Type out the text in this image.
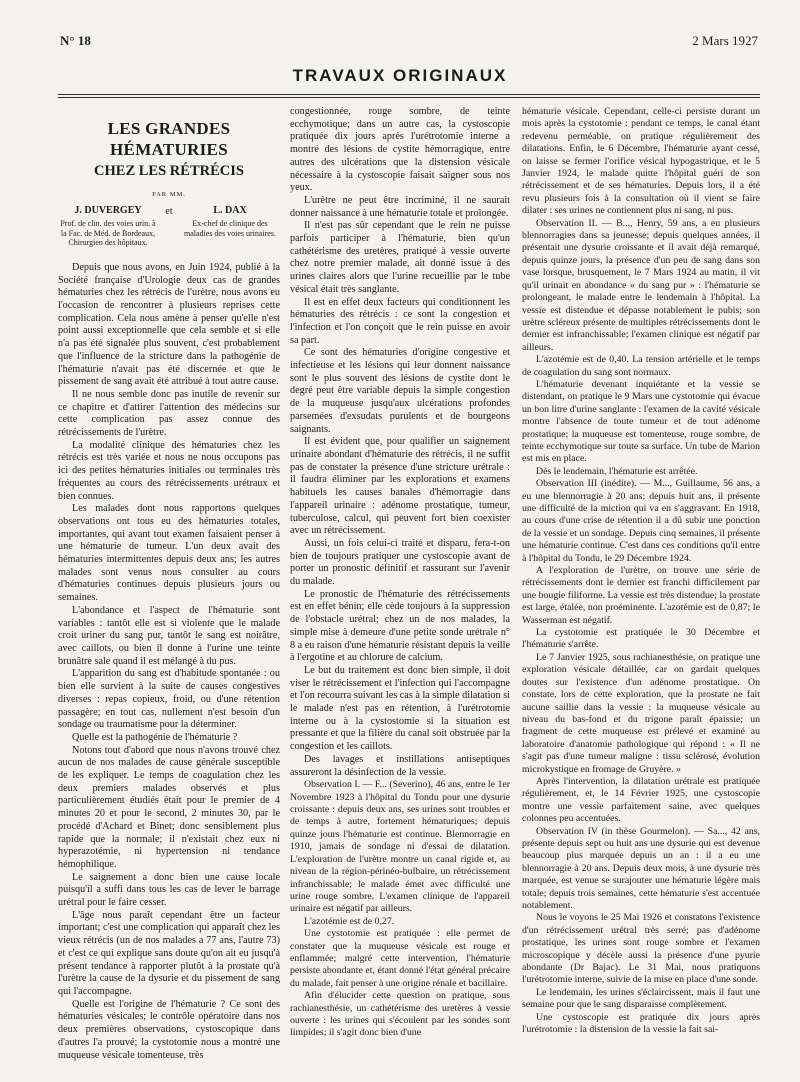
N° 18	2 Mars 1927
TRAVAUX ORIGINAUX
LES GRANDES HÉMATURIES
CHEZ LES RÉTRÉCIS
PAR MM.
J. DUVERGEY
Prof. de clin. des voies urin. à la Fac. de Méd. de Bordeaux, Chirurgien des hôpitaux.
et	L. DAX
Ex-chef de clinique des maladies des voies urinaires.

Depuis que nous avons, en Juin 1924, publié à la Société française d'Urologie deux cas de grandes hématuries chez les rétrécis de l'urètre, nous avons eu l'occasion de rencontrer à plusieurs reprises cette complication. Cela nous amène à penser qu'elle n'est point aussi exceptionnelle que cela semble et si elle n'a pas été signalée plus souvent, c'est probablement que l'influence de la stricture dans la pathogénie de l'hématurie n'avait pas été discernée et que le pissement de sang avait été attribué à tout autre cause.

Il ne nous semble donc pas inutile de revenir sur ce chapitre et d'attirer l'attention des médecins sur cette complication pas assez connue des rétrécissements de l'urètre.

La modalité clinique des hématuries chez les rétrécis est très variée et nous ne nous occupons pas ici des petites hématuries initiales ou terminales très fréquentes au cours des rétrécissements urétraux et bien connues.

Les malades dont nous rapportons quelques observations ont tous eu des hématuries totales, importantes, qui avant tout examen faisaient penser à une hématurie de tumeur. L'un deux avait des hématuries intermittentes depuis deux ans; les autres malades sont venus nous consulter au cours d'hématuries continues depuis plusieurs jours ou semaines.

L'abondance et l'aspect de l'hématurie sont variables : tantôt elle est si violente que le malade croit uriner du sang pur, tantôt le sang est noirâtre, avec caillots, ou bien il donne à l'urine une teinte brunâtre sale quand il est mélangé à du pus.

L'apparition du sang est d'habitude spontanée : ou bien elle survient à la suite de causes congestives diverses : repas copieux, froid, ou d'une rétention passagère; en tout cas, nullement n'est besoin d'un sondage ou traumatisme pour la déterminer.

Quelle est la pathogénie de l'hématurie ?

Notons tout d'abord que nous n'avons trouvé chez aucun de nos malades de cause générale susceptible de les expliquer. Le temps de coagulation chez les deux premiers malades observés et plus particulièrement étudiés était pour le premier de 4 minutes 20 et pour le second, 2 minutes 30, par le procédé d'Achard et Binet; donc sensiblement plus rapide que la normale; il n'existait chez eux ni hyperazotémie, ni hypertension ni tendance hémophilique.

Le saignement a donc bien une cause locale puisqu'il a suffi dans tous les cas de lever le barrage urétral pour le faire cesser.

L'âge nous paraît cependant être un facteur important; c'est une complication qui apparaît chez les vieux rétrécis (un de nos malades a 77 ans, l'autre 73) et c'est ce qui explique sans doute qu'on ait eu jusqu'à présent tendance à rapporter plutôt à la prostate qu'à l'urètre la cause de la dysurie et du pissement de sang qui l'accompagne.

Quelle est l'origine de l'hématurie ? Ce sont des hématuries vésicales; le contrôle opératoire dans nos deux premières observations, cystoscopique dans d'autres l'a prouvé; la cystotomie nous a montré une muqueuse vésicale tomenteuse, très

congestionnée, rouge sombre, de teinte ecchymotique; dans un autre cas, la cystoscopie pratiquée dix jours après l'urétrotomie interne a montré des lésions de cystite hémorragique, entre autres des ulcérations que la distension vésicale nécessaire à la cystoscopie faisait saigner sous nos yeux.

L'urètre ne peut être incriminé, il ne saurait donner naissance à une hématurie totale et prolongée.

Il n'est pas sûr cependant que le rein ne puisse parfois participer à l'hématurie, bien qu'un cathétérisme des uretères, pratiqué à vessie ouverte chez notre premier malade, ait donné issue à des urines claires alors que l'urine recueillie par le tube vésical était très sanglante.

Il est en effet deux facteurs qui conditionnent les hématuries des rétrécis : ce sont la congestion et l'infection et l'on conçoit que le rein puisse en avoir sa part.

Ce sont des hématuries d'origine congestive et infectieuse et les lésions qui leur donnent naissance sont le plus souvent des lésions de cystite dont le degré peut être variable depuis la simple congestion de la muqueuse jusqu'aux ulcérations profondes parsemées d'exsudats purulents et de bourgeons saignants.

Il est évident que, pour qualifier un saignement urinaire abondant d'hématurie des rétrécis, il ne suffit pas de constater la présence d'une stricture urétrale : il faudra éliminer par les explorations et examens habituels les causes banales d'hémorragie dans l'appareil urinaire : adénome prostatique, tumeur, tuberculose, calcul, qui peuvent fort bien coexister avec un rétrécissement.

Aussi, un fois celui-ci traité et disparu, fera-t-on bien de toujours pratiquer une cystoscopie avant de porter un pronostic définitif et rassurant sur l'avenir du malade.

Le pronostic de l'hématurie des rétrécissements est en effet bénin; elle cède toujours à la suppression de l'obstacle urétral; chez un de nos malades, la simple mise à demeure d'une petite sonde urétrale n° 8 a eu raison d'une hématurie résistant depuis la veille à l'ergotine et au chlorure de calcium.

Le but du traitement est donc bien simple, il doit viser le rétrécissement et l'infection qui l'accompagne et l'on recourra suivant les cas à la simple dilatation si le malade n'est pas en rétention, à l'urétrotomie interne ou à la cystostomie si la situation est pressante et que la filière du canal soit obstruée par la congestion et les caillots.

Des lavages et instillations antiseptiques assureront la désinfection de la vessie.

Observation I. — F... (Severino), 46 ans, entre le 1er Novembre 1923 à l'hôpital du Tondu pour une dysurie croissante : depuis deux ans, ses urines sont troubles et de temps à autre, fortement hématuriques; depuis quinze jours l'hématurie est continue. Blennorragie en 1910, jamais de sondage ni d'essai de dilatation. L'exploration de l'urètre montre un canal rigide et, au niveau de la région-périnéo-bulbaire, un rétrécissement infranchissable; le malade émet avec difficulté une urine rouge sombre. L'examen clinique de l'appareil urinaire est négatif par ailleurs.

L'azotémie est de 0,27.

Une cystotomie est pratiquée : elle permet de constater que la muqueuse vésicale est rouge et enflammée; malgré cette intervention, l'hématurie persiste abondante et, étant donné l'état général précaire du malade, fait penser à une origine rénale et bacillaire.

Afin d'élucider cette question on pratique, sous rachianesthésie, un cathétérisme des uretères à vessie ouverte : les urines qui s'écoulent par les sondes sont limpides; il s'agit donc bien d'une

hématurie vésicale. Cependant, celle-ci persiste durant un mois après la cystotomie : pendant ce temps, le canal étant redevenu perméable, on pratique régulièrement des dilatations. Enfin, le 6 Décembre, l'hématurie ayant cessé, on laisse se fermer l'orifice vésical hypogastrique, et le 5 Janvier 1924, le malade quitte l'hôpital guéri de son rétrécissement et de ses hématuries. Depuis lors, il a été revu plusieurs fois à la consultation où il vient se faire dilater : ses urines ne contiennent plus ni sang, ni pus.

Observation II. — B..., Henry, 59 ans, a eu plusieurs blennorragies dans sa jeunesse; depuis quelques années, il présentait une dysurie croissante et il avait déjà remarqué, depuis quinze jours, la présence d'un peu de sang dans son vase lorsque, brusquement, le 7 Mars 1924 au matin, il vit qu'il urinait en abondance « du sang pur » : l'hématurie se prolongeant, le malade entre le lendemain à l'hôpital. La vessie est distendue et dépasse notablement le pubis; son urètre scléreux présente de multiples rétrécissements dont le dernier est infranchissable; l'examen clinique est négatif par ailleurs.

L'azotémie est de 0,40. La tension artérielle et le temps de coagulation du sang sont normaux.

L'hématurie devenant inquiétante et la vessie se distendant, on pratique le 9 Mars une cystotomie qui évacue un bon litre d'urine sanglante : l'examen de la cavité vésicale montre l'absence de toute tumeur et de tout adénome prostatique; la muqueuse est tomenteuse, rouge sombre, de teinte ecchymotique sur toute sa surface. Un tube de Marion est mis en place.

Dès le lendemain, l'hématurie est arrêtée.

Observation III (inédite). — M..., Guillaume, 56 ans, a eu une blennorragie à 20 ans; depuis huit ans, il présente une difficulté de la miction qui va en s'aggravant. En 1918, au cours d'une crise de rétention il a dû subir une ponction de la vessie et un sondage. Depuis cinq semaines, il présente une hématurie continue. C'est dans ces conditions qu'il entre à l'hôpital du Tondu, le 29 Décembre 1924.

A l'exploration de l'urètre, on trouve une série de rétrécissements dont le dernier est franchi difficilement par une bougie filiforme. La vessie est très distendue; la prostate est large, étalée, non proéminente. L'azotémie est de 0,87; le Wasserman est négatif.

La cystotomie est pratiquée le 30 Décembre et l'hématurie s'arrête.

Le 7 Janvier 1925, sous rachianesthésie, on pratique une exploration vésicale détaillée, car on gardait quelques doutes sur l'existence d'un adénome prostatique. On constate, lors de cette exploration, que la prostate ne fait aucune saillie dans la vessie : la muqueuse vésicale au niveau du bas-fond et du trigone paraît épaissie; un fragment de cette muqueuse est prélevé et examiné au laboratoire d'anatomie pathologique qui répond : « Il ne s'agit pas d'une tumeur maligne : tissu sclérosé, évolution microkystique en fromage de Gruyère. »

Après l'intervention, la dilatation urétrale est pratiquée régulièrement, et, le 14 Février 1925, une cystoscopie montre une vessie parfaitement saine, avec quelques colonnes peu accentuées.

Observation IV (in thèse Gourmelon). — Sa..., 42 ans, présente depuis sept ou huit ans une dysurie qui est devenue beaucoup plus marquée depuis un an : il a eu une blennorragie à 20 ans. Depuis deux mois, à une dysurie très marquée, est venue se surajouter une hématurie légère mais totale; depuis trois semaines, cette hématurie s'est accentuée notablement.

Nous le voyons le 25 Mai 1926 et constatons l'existence d'un rétrécissement urétral très serré; pas d'adénome prostatique, les urines sont rouge sombre et l'examen microscopique y décèle aussi la présence d'une pyurie abondante (Dr Bajac). Le 31 Mai, nous pratiquons l'urétrotomie interne, suivie de la mise en place d'une sonde.

Le lendemain, les urines s'éclaircissent, mais il faut une semaine pour que le sang disparaisse complètement.

Une cystoscopie est pratiquée dix jours après l'urétrotomie : la distension de la vessie la fait sai-
